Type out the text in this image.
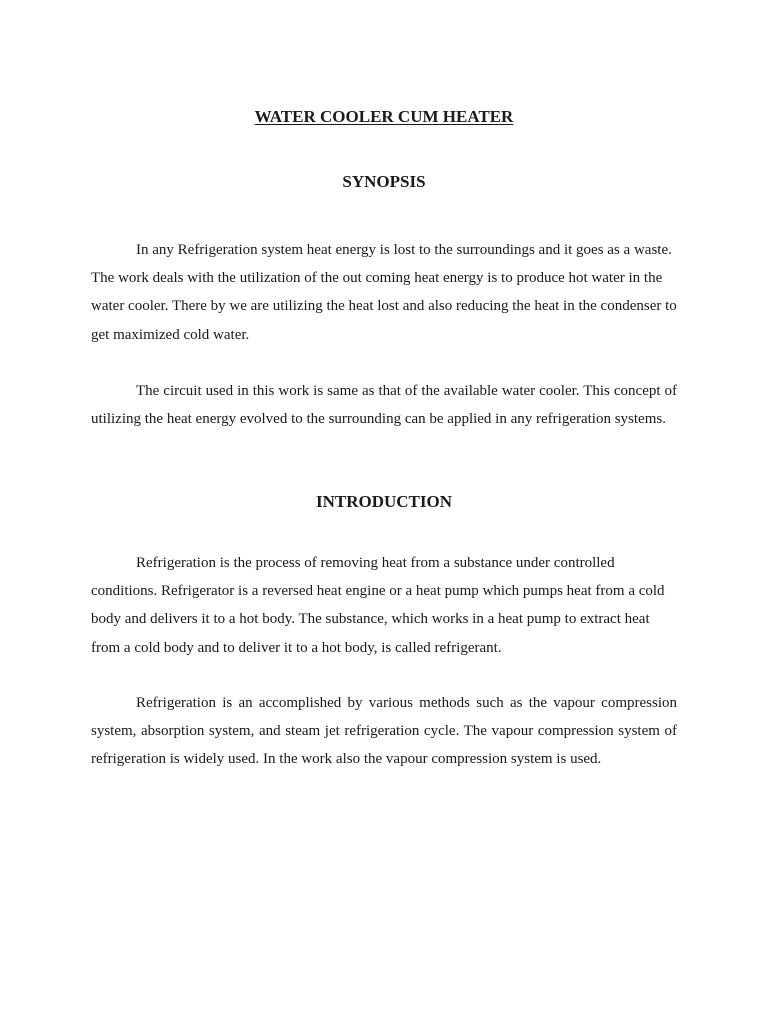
WATER COOLER CUM HEATER
SYNOPSIS

In any Refrigeration system heat energy is lost to the surroundings and it goes as a waste. The work deals with the utilization of the out coming heat energy is to produce hot water in the water cooler. There by we are utilizing the heat lost and also reducing the heat in the condenser to get maximized cold water.

The circuit used in this work is same as that of the available water cooler. This concept of utilizing the heat energy evolved to the surrounding can be applied in any refrigeration systems.

INTRODUCTION

Refrigeration is the process of removing heat from a substance under controlled conditions. Refrigerator is a reversed heat engine or a heat pump which pumps heat from a cold body and delivers it to a hot body. The substance, which works in a heat pump to extract heat from a cold body and to deliver it to a hot body, is called refrigerant.

Refrigeration is an accomplished by various methods such as the vapour compression system, absorption system, and steam jet refrigeration cycle. The vapour compression system of refrigeration is widely used. In the work also the vapour compression system is used.
